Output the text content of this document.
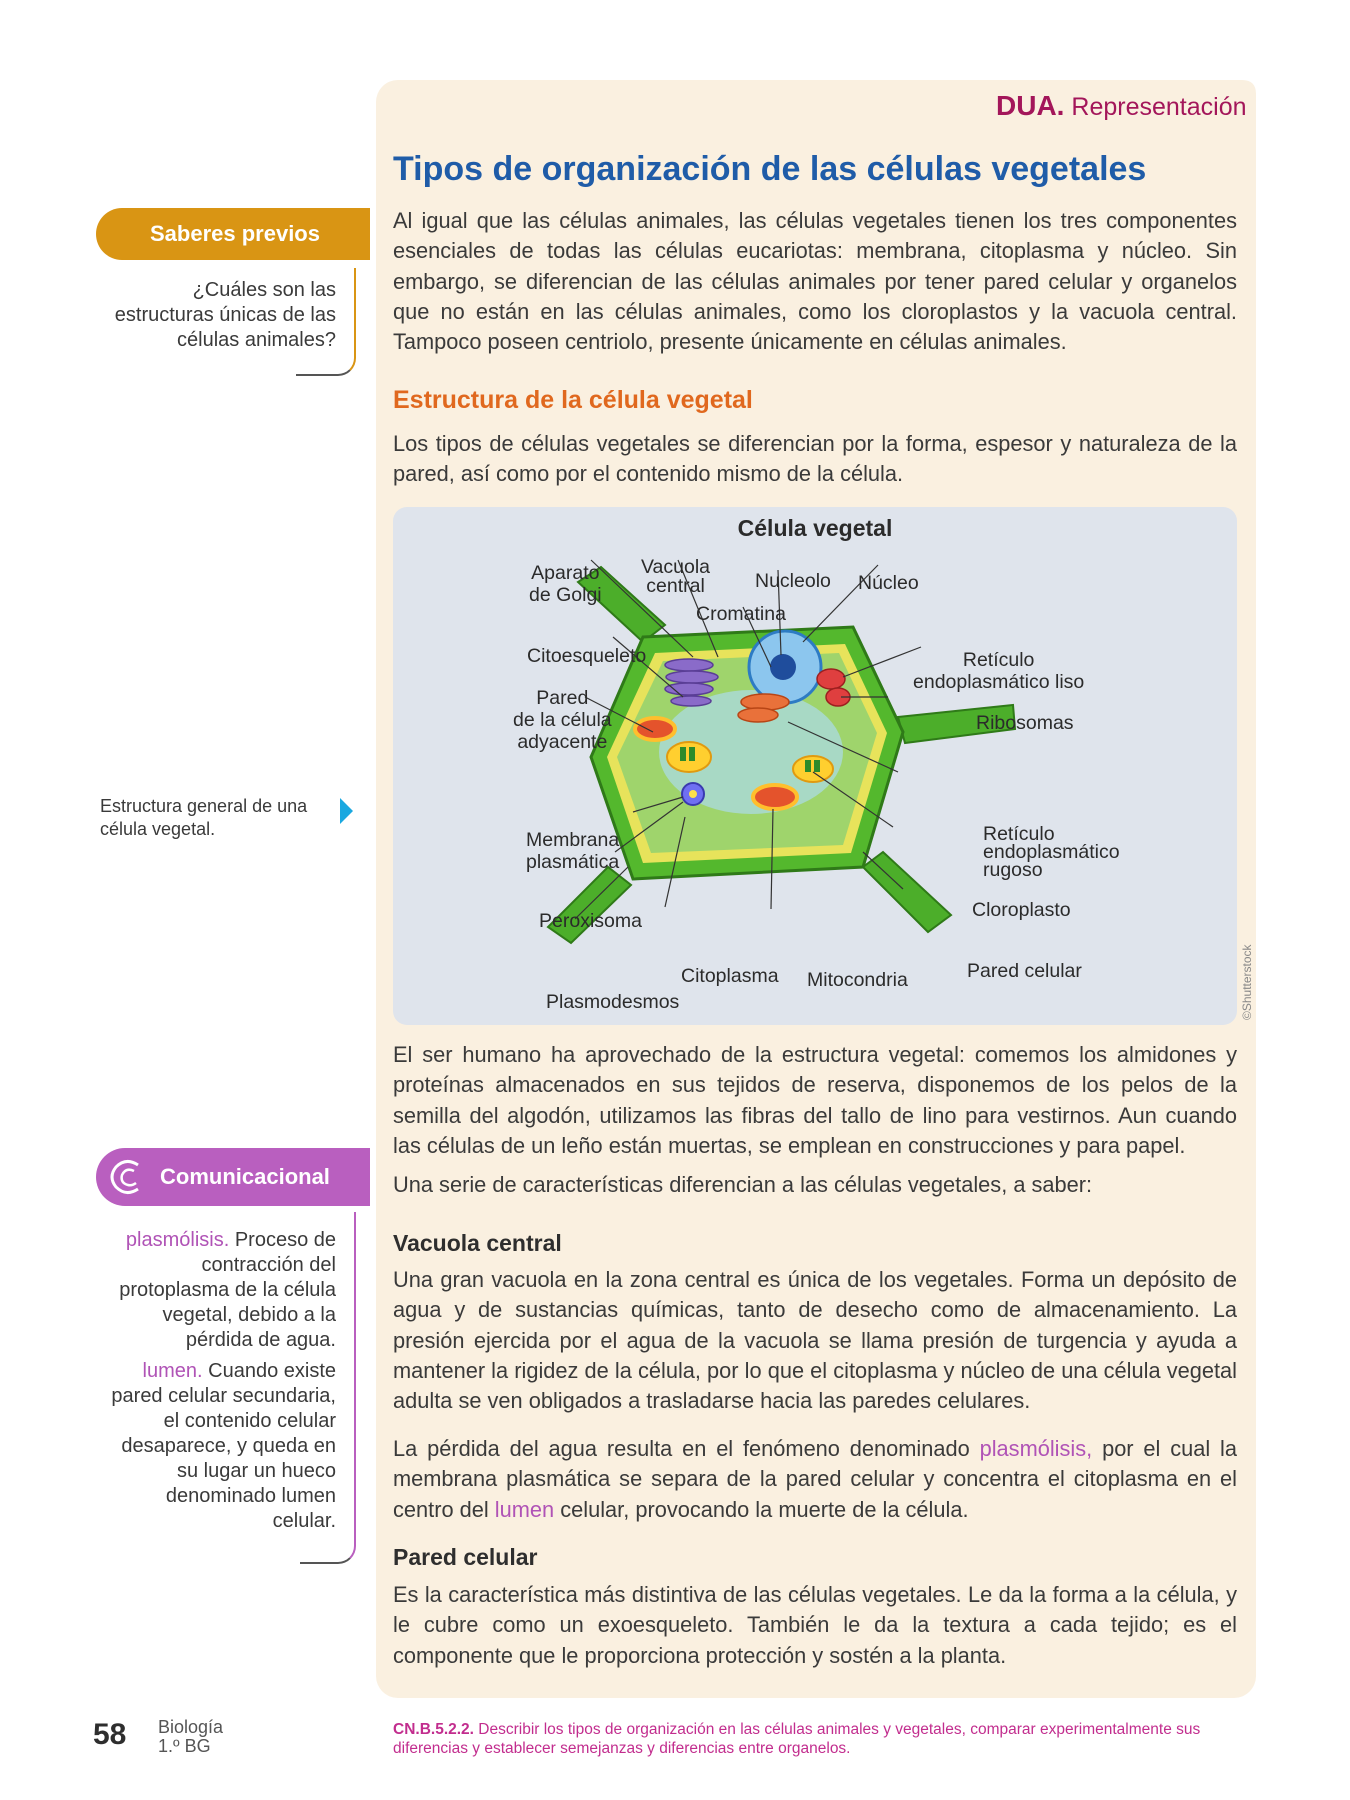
DUA. Representación
Tipos de organización de las células vegetales

Al igual que las células animales, las células vegetales tienen los tres componentes esenciales de todas las células eucariotas: membrana, citoplasma y núcleo. Sin embargo, se diferencian de las células animales por tener pared celular y organelos que no están en las células animales, como los cloroplastos y la vacuola central. Tampoco poseen centriolo, presente únicamente en células animales.

Estructura de la célula vegetal

Los tipos de células vegetales se diferencian por la forma, espesor y naturaleza de la pared, así como por el contenido mismo de la célula.

Célula vegetal
Aparato
de Golgi
Vacuola
central	Nucleolo Núcleo
Cromatina
Citoesqueleto	Retículo
endoplasmático liso
Pared
de la célula
adyacente
Ribosomas
Membrana
plasmática
Retículo
endoplasmático
rugoso
Peroxisoma	Cloroplasto
Citoplasma Mitocondria	Pared celular
Plasmodesmos	©Shutterstock

El ser humano ha aprovechado de la estructura vegetal: comemos los almidones y proteínas almacenados en sus tejidos de reserva, disponemos de los pelos de la semilla del algodón, utilizamos las fibras del tallo de lino para vestirnos. Aun cuando las células de un leño están muertas, se emplean en construcciones y para papel.

Una serie de características diferencian a las células vegetales, a saber:

Vacuola central

Una gran vacuola en la zona central es única de los vegetales. Forma un depósito de agua y de sustancias químicas, tanto de desecho como de almacenamiento. La presión ejercida por el agua de la vacuola se llama presión de turgencia y ayuda a mantener la rigidez de la célula, por lo que el citoplasma y núcleo de una célula vegetal adulta se ven obligados a trasladarse hacia las paredes celulares.

La pérdida del agua resulta en el fenómeno denominado plasmólisis, por el cual la membrana plasmática se separa de la pared celular y concentra el citoplasma en el centro del lumen celular, provocando la muerte de la célula.

Pared celular

Es la característica más distintiva de las células vegetales. Le da la forma a la célula, y le cubre como un exoesqueleto. También le da la textura a cada tejido; es el componente que le proporciona protección y sostén a la planta.

Saberes previos
¿Cuáles son las estructuras únicas de las células animales?
Estructura general de una célula vegetal.
Comunicacional

plasmólisis. Proceso de contracción del protoplasma de la célula vegetal, debido a la pérdida de agua.

lumen. Cuando existe pared celular secundaria, el contenido celular desaparece, y queda en su lugar un hueco denominado lumen celular.

58 Biología
1.º BG
CN.B.5.2.2. Describir los tipos de organización en las células animales y vegetales, comparar experimentalmente sus diferencias y establecer semejanzas y diferencias entre organelos.
